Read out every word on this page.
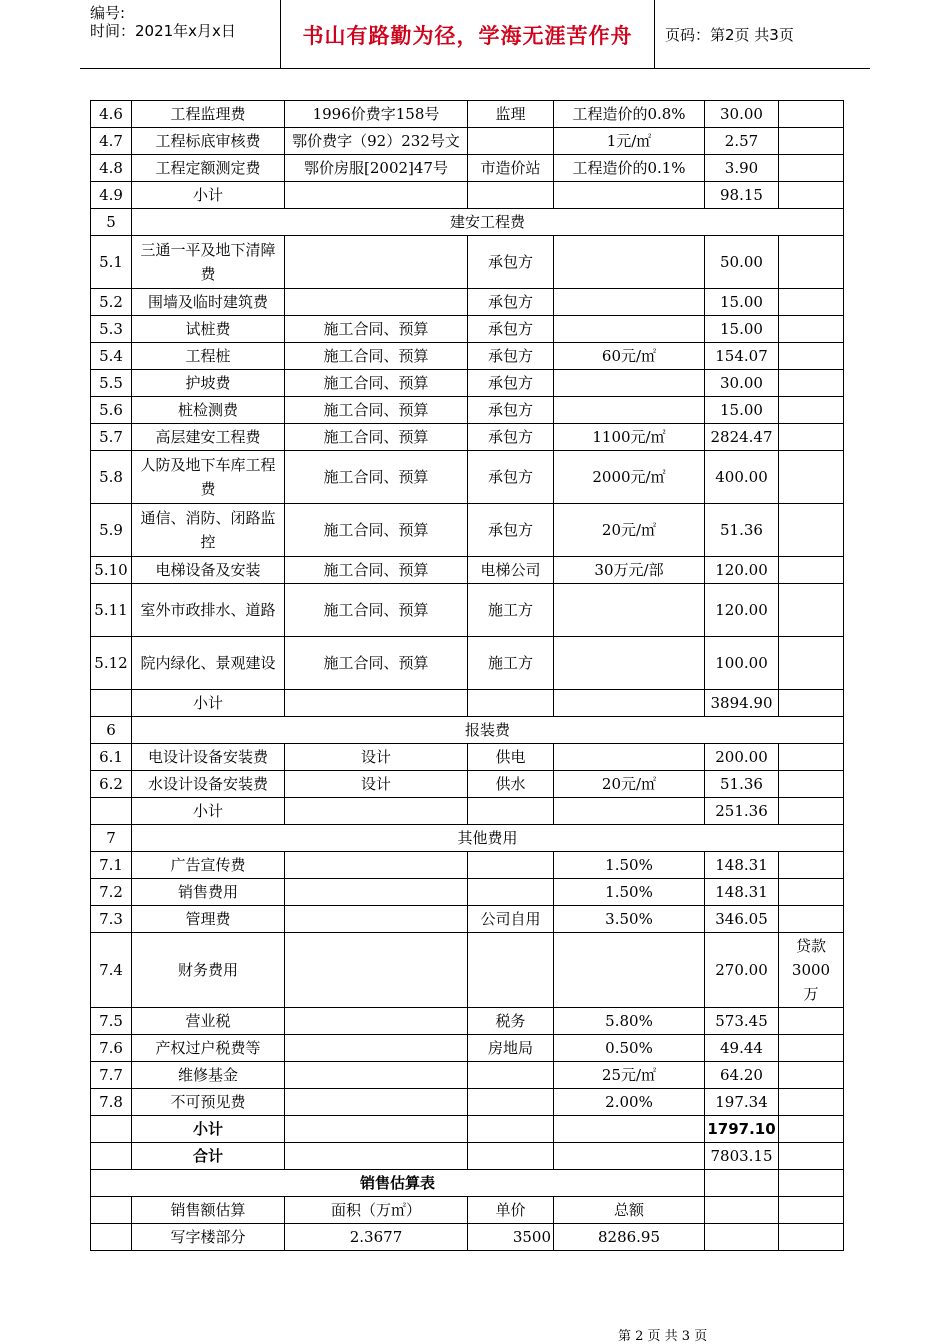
编号:
时间：2021年x月x日	书山有路勤为径，学海无涯苦作舟	页码：第2页 共3页
4.6	工程监理费	1996价费字158号	监理	工程造价的0.8%	30.00	
4.7	工程标底审核费	鄂价费字（92）232号文		1元/㎡	2.57	
4.8	工程定额测定费	鄂价房服[2002]47号	市造价站	工程造价的0.1%	3.90	
4.9	小计				98.15	
5	建安工程费					
5.1	三通一平及地下清障费		承包方		50.00	
5.2	围墙及临时建筑费		承包方		15.00	
5.3	试桩费	施工合同、预算	承包方		15.00	
5.4	工程桩	施工合同、预算	承包方	60元/㎡	154.07	
5.5	护坡费	施工合同、预算	承包方		30.00	
5.6	桩检测费	施工合同、预算	承包方		15.00	
5.7	高层建安工程费	施工合同、预算	承包方	1100元/㎡	2824.47	
5.8	人防及地下车库工程费	施工合同、预算	承包方	2000元/㎡	400.00	
5.9	通信、消防、闭路监控	施工合同、预算	承包方	20元/㎡	51.36	
5.10	电梯设备及安装	施工合同、预算	电梯公司	30万元/部	120.00	
5.11	室外市政排水、道路	施工合同、预算	施工方		120.00	
5.12	院内绿化、景观建设	施工合同、预算	施工方		100.00	
	小计				3894.90	
6	报装费					
6.1	电设计设备安装费	设计	供电		200.00	
6.2	水设计设备安装费	设计	供水	20元/㎡	51.36	
	小计				251.36	
7	其他费用					
7.1	广告宣传费			1.50%	148.31	
7.2	销售费用			1.50%	148.31	
7.3	管理费		公司自用	3.50%	346.05	
7.4	财务费用				270.00	贷款3000万
7.5	营业税		税务	5.80%	573.45	
7.6	产权过户税费等		房地局	0.50%	49.44	
7.7	维修基金			25元/㎡	64.20	
7.8	不可预见费			2.00%	197.34	
	小计				1797.10	
	合计				7803.15	
销售估算表						
	销售额估算	面积（万㎡）	单价	总额		
	写字楼部分	2.3677	3500	8286.95		
第 2 页 共 3 页
